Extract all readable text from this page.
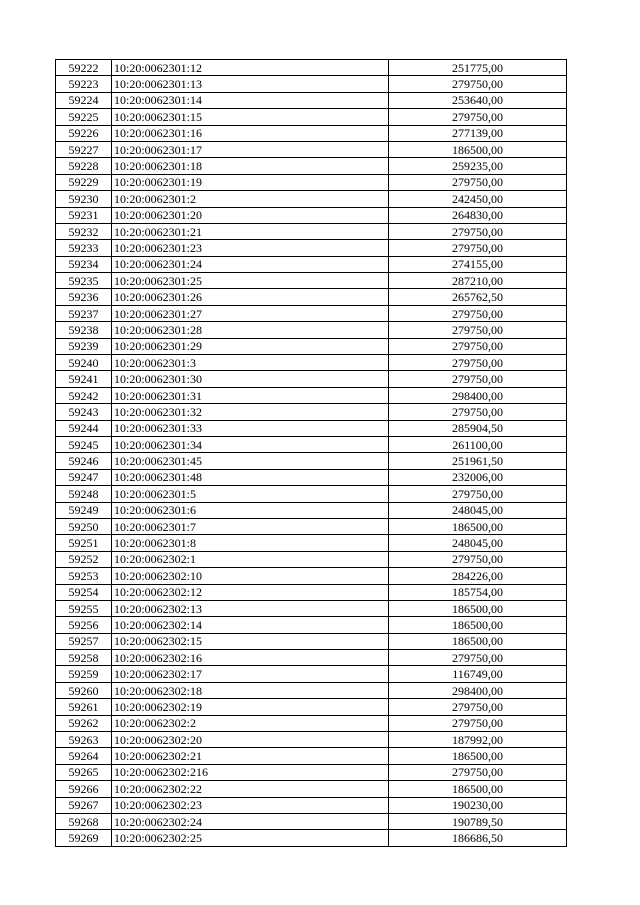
59222	10:20:0062301:12	251775,00
59223	10:20:0062301:13	279750,00
59224	10:20:0062301:14	253640,00
59225	10:20:0062301:15	279750,00
59226	10:20:0062301:16	277139,00
59227	10:20:0062301:17	186500,00
59228	10:20:0062301:18	259235,00
59229	10:20:0062301:19	279750,00
59230	10:20:0062301:2	242450,00
59231	10:20:0062301:20	264830,00
59232	10:20:0062301:21	279750,00
59233	10:20:0062301:23	279750,00
59234	10:20:0062301:24	274155,00
59235	10:20:0062301:25	287210,00
59236	10:20:0062301:26	265762,50
59237	10:20:0062301:27	279750,00
59238	10:20:0062301:28	279750,00
59239	10:20:0062301:29	279750,00
59240	10:20:0062301:3	279750,00
59241	10:20:0062301:30	279750,00
59242	10:20:0062301:31	298400,00
59243	10:20:0062301:32	279750,00
59244	10:20:0062301:33	285904,50
59245	10:20:0062301:34	261100,00
59246	10:20:0062301:45	251961,50
59247	10:20:0062301:48	232006,00
59248	10:20:0062301:5	279750,00
59249	10:20:0062301:6	248045,00
59250	10:20:0062301:7	186500,00
59251	10:20:0062301:8	248045,00
59252	10:20:0062302:1	279750,00
59253	10:20:0062302:10	284226,00
59254	10:20:0062302:12	185754,00
59255	10:20:0062302:13	186500,00
59256	10:20:0062302:14	186500,00
59257	10:20:0062302:15	186500,00
59258	10:20:0062302:16	279750,00
59259	10:20:0062302:17	116749,00
59260	10:20:0062302:18	298400,00
59261	10:20:0062302:19	279750,00
59262	10:20:0062302:2	279750,00
59263	10:20:0062302:20	187992,00
59264	10:20:0062302:21	186500,00
59265	10:20:0062302:216	279750,00
59266	10:20:0062302:22	186500,00
59267	10:20:0062302:23	190230,00
59268	10:20:0062302:24	190789,50
59269	10:20:0062302:25	186686,50
